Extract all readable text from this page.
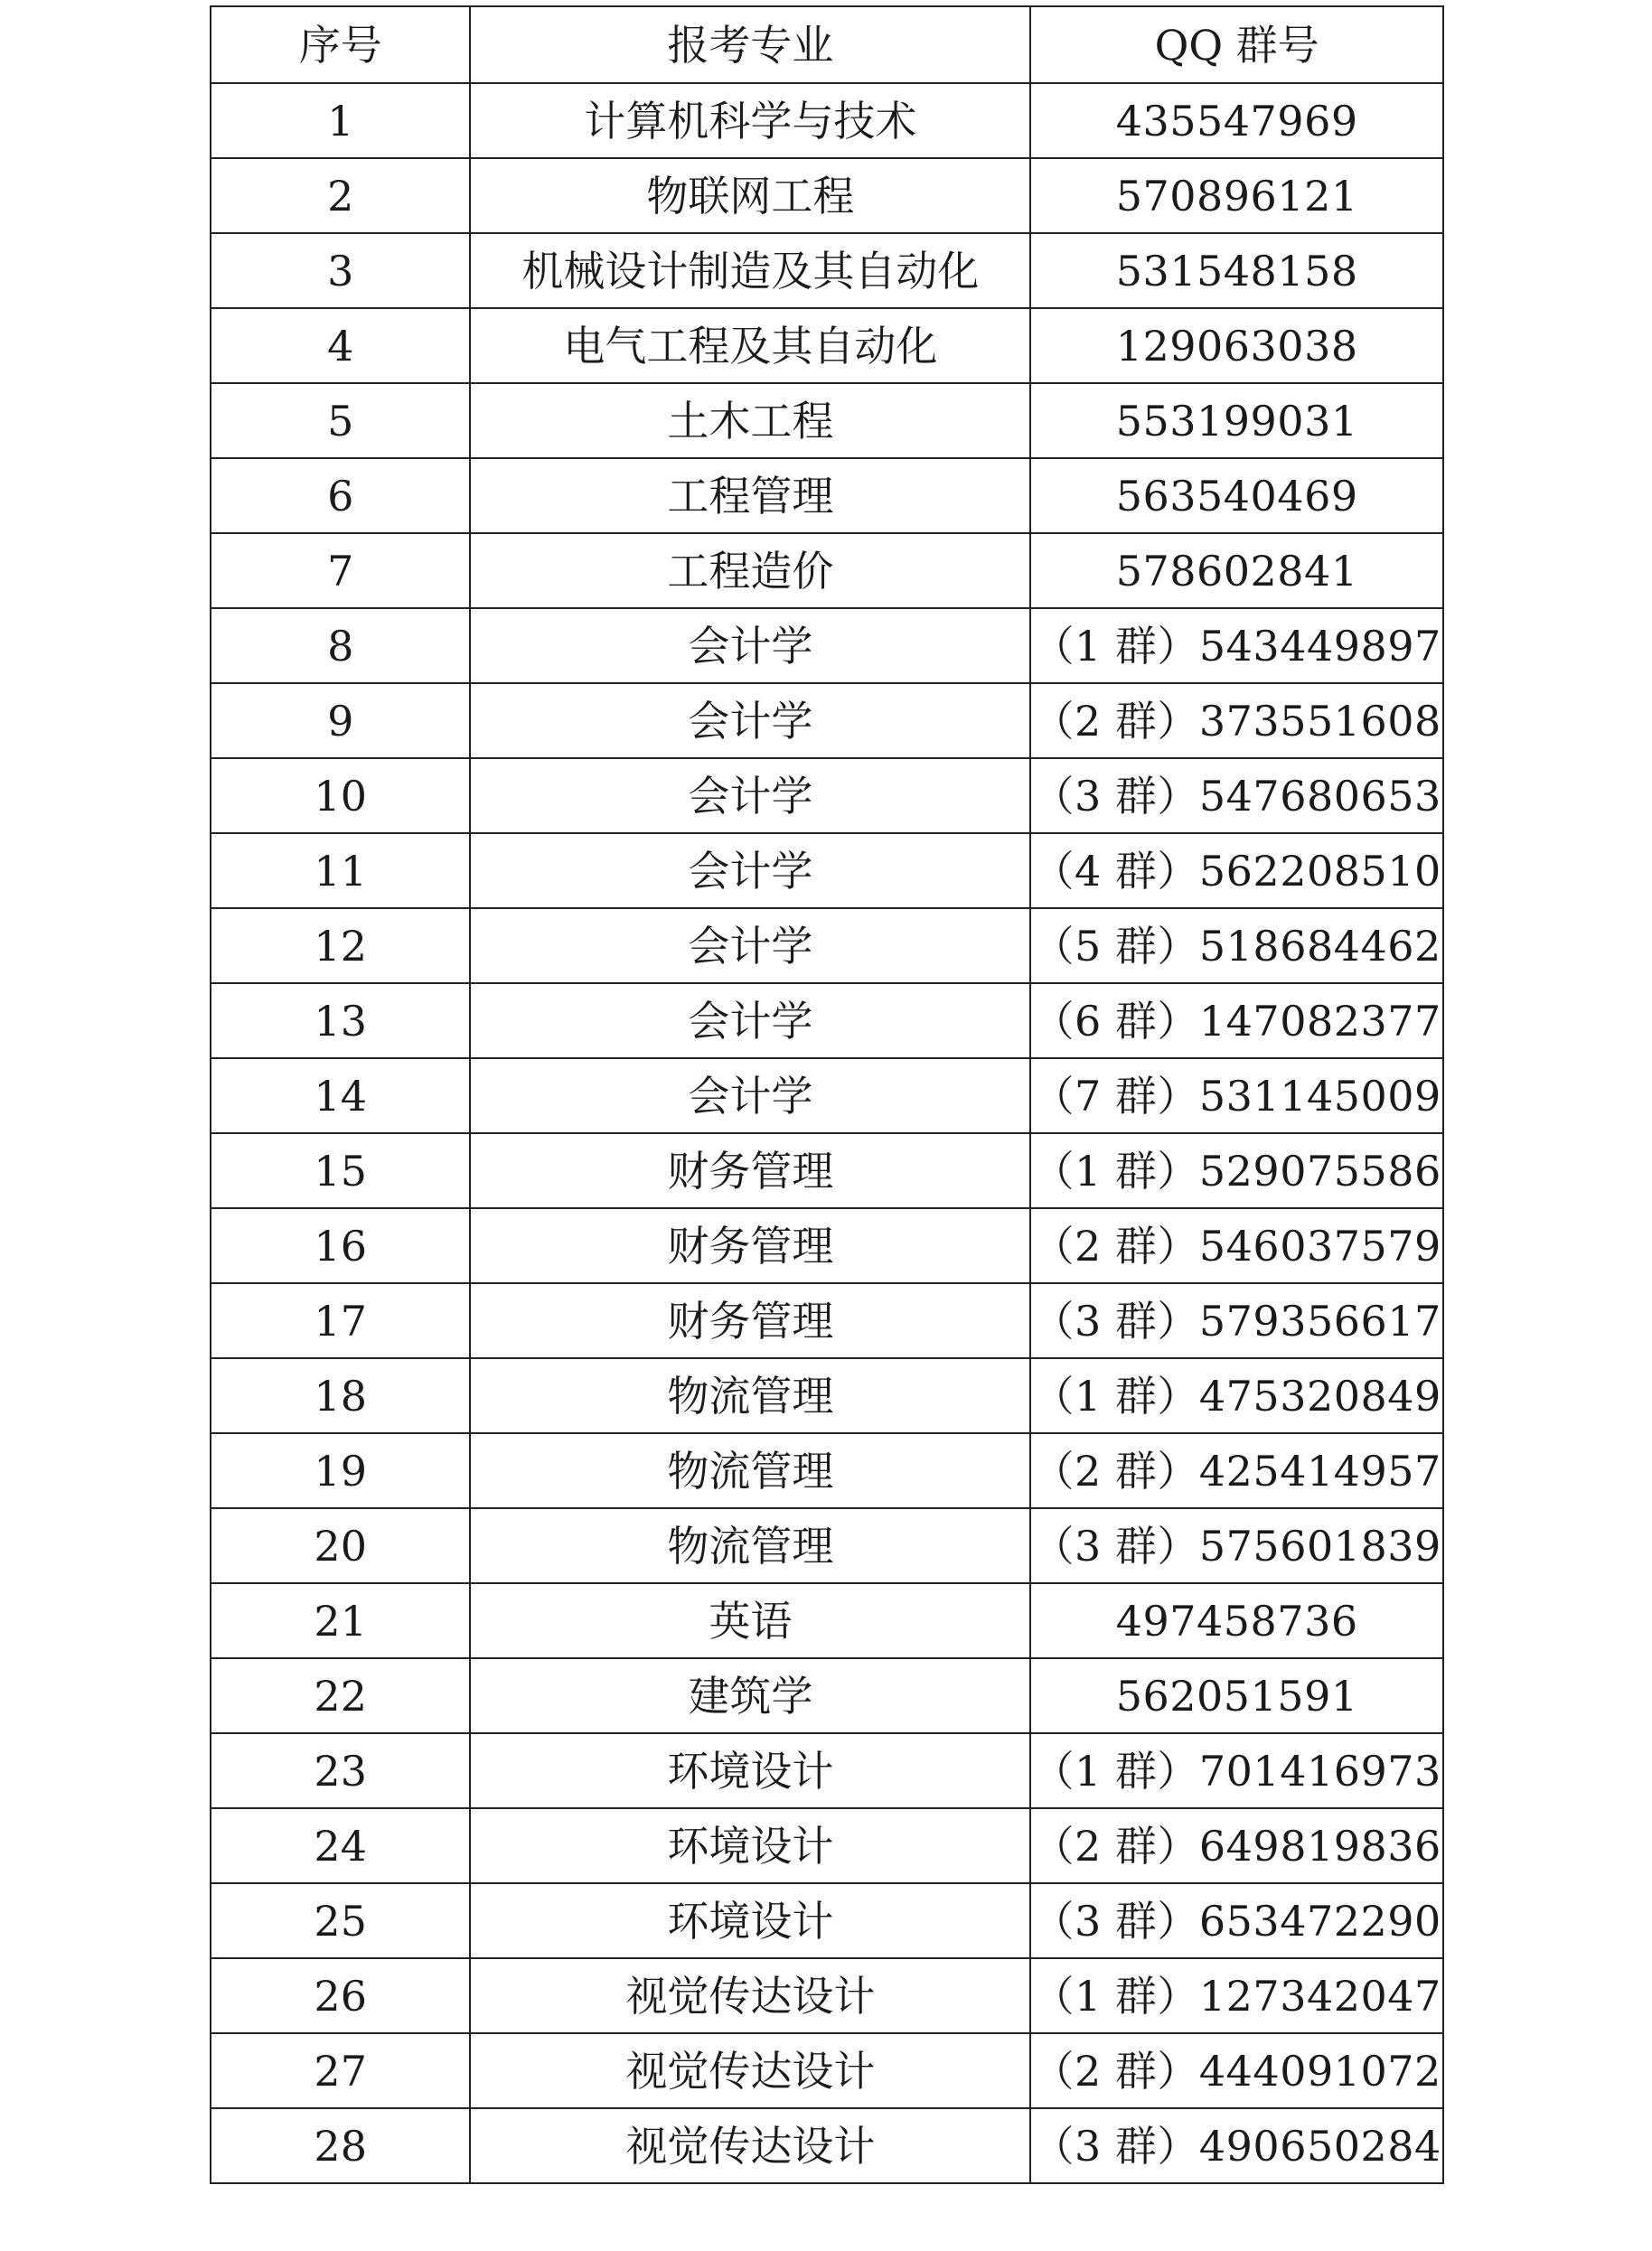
序号	报考专业	QQ 群号
1	计算机科学与技术	435547969
2	物联网工程	570896121
3	机械设计制造及其自动化	531548158
4	电气工程及其自动化	129063038
5	土木工程	553199031
6	工程管理	563540469
7	工程造价	578602841
8	会计学	（1 群）543449897
9	会计学	（2 群）373551608
10	会计学	（3 群）547680653
11	会计学	（4 群）562208510
12	会计学	（5 群）518684462
13	会计学	（6 群）147082377
14	会计学	（7 群）531145009
15	财务管理	（1 群）529075586
16	财务管理	（2 群）546037579
17	财务管理	（3 群）579356617
18	物流管理	（1 群）475320849
19	物流管理	（2 群）425414957
20	物流管理	（3 群）575601839
21	英语	497458736
22	建筑学	562051591
23	环境设计	（1 群）701416973
24	环境设计	（2 群）649819836
25	环境设计	（3 群）653472290
26	视觉传达设计	（1 群）127342047
27	视觉传达设计	（2 群）444091072
28	视觉传达设计	（3 群）490650284
